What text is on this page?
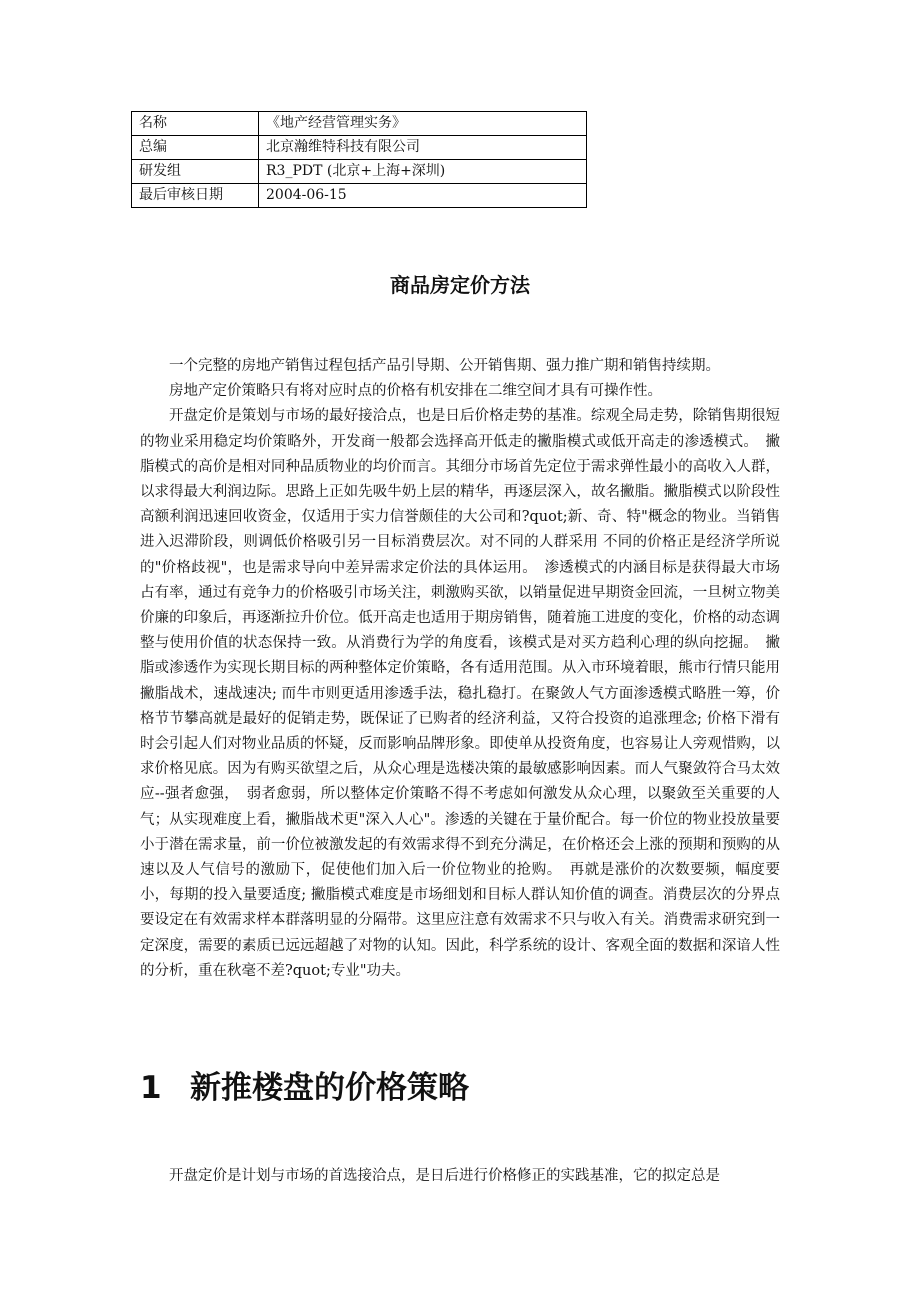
名称	《地产经营管理实务》
总编	北京瀚维特科技有限公司
研发组	R3_PDT (北京+上海+深圳)
最后审核日期	2004-06-15
商品房定价方法

一个完整的房地产销售过程包括产品引导期、公开销售期、强力推广期和销售持续期。

房地产定价策略只有将对应时点的价格有机安排在二维空间才具有可操作性。

开盘定价是策划与市场的最好接洽点，也是日后价格走势的基准。综观全局走势，除销售期很短的物业采用稳定均价策略外，开发商一般都会选择高开低走的撇脂模式或低开高走的渗透模式。　撇脂模式的高价是相对同种品质物业的均价而言。其细分市场首先定位于需求弹性最小的高收入人群，以求得最大利润边际。思路上正如先吸牛奶上层的精华，再逐层深入，故名撇脂。撇脂模式以阶段性高额利润迅速回收资金，仅适用于实力信誉颇佳的大公司和?quot;新、奇、特"概念的物业。当销售进入迟滞阶段，则调低价格吸引另一目标消费层次。对不同的人群采用 不同的价格正是经济学所说的"价格歧视"，也是需求导向中差异需求定价法的具体运用。　渗透模式的内涵目标是获得最大市场占有率，通过有竞争力的价格吸引市场关注，刺激购买欲，以销量促进早期资金回流，一旦树立物美价廉的印象后，再逐渐拉升价位。低开高走也适用于期房销售，随着施工进度的变化，价格的动态调整与使用价值的状态保持一致。从消费行为学的角度看，该模式是对买方趋利心理的纵向挖掘。　撇脂或渗透作为实现长期目标的两种整体定价策略，各有适用范围。从入市环境着眼，熊市行情只能用撇脂战术，速战速决; 而牛市则更适用渗透手法，稳扎稳打。在聚敛人气方面渗透模式略胜一筹，价格节节攀高就是最好的促销走势，既保证了已购者的经济利益，又符合投资的追涨理念; 价格下滑有时会引起人们对物业品质的怀疑，反而影响品牌形象。即使单从投资角度，也容易让人旁观惜购，以求价格见底。因为有购买欲望之后，从众心理是选楼决策的最敏感影响因素。而人气聚敛符合马太效应--强者愈强，　弱者愈弱，所以整体定价策略不得不考虑如何激发从众心理，以聚敛至关重要的人气；从实现难度上看，撇脂战术更"深入人心"。渗透的关键在于量价配合。每一价位的物业投放量要小于潜在需求量，前一价位被激发起的有效需求得不到充分满足，在价格还会上涨的预期和预购的从速以及人气信号的激励下，促使他们加入后一价位物业的抢购。　再就是涨价的次数要频，幅度要小，每期的投入量要适度; 撇脂模式难度是市场细划和目标人群认知价值的调查。消费层次的分界点要设定在有效需求样本群落明显的分隔带。这里应注意有效需求不只与收入有关。消费需求研究到一定深度，需要的素质已远远超越了对物的认知。因此，科学系统的设计、客观全面的数据和深谙人性的分析，重在秋毫不差?quot;专业"功夫。

1 新推楼盘的价格策略

开盘定价是计划与市场的首选接洽点，是日后进行价格修正的实践基准，它的拟定总是
